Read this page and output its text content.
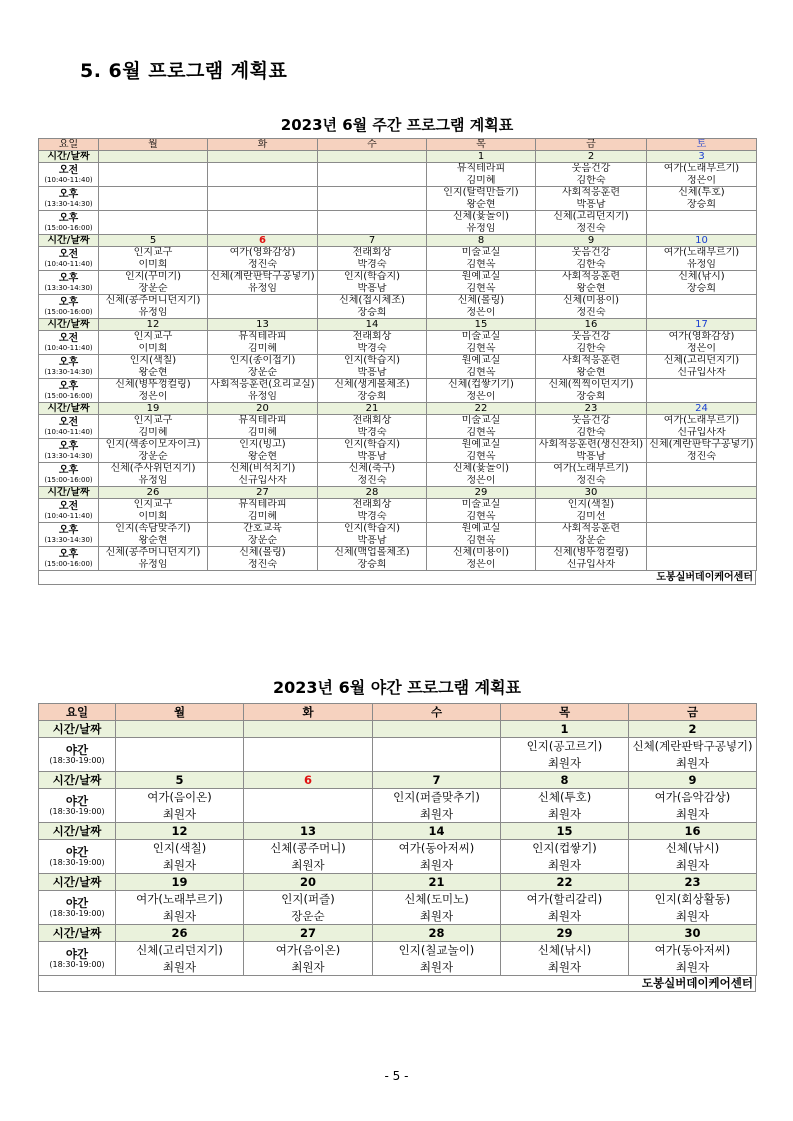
5. 6월 프로그램 계획표
2023년 6월 주간 프로그램 계획표
요일	월	화	수	목	금	토
시간/날짜				1	2	3

오전
(10:40-11:40)				뮤직테라피	웃음건강	여가(노래부르기)
				김미혜	김한숙	정은이

오후
(13:30-14:30)				인지(탈력만들기)	사회적응훈련	신체(투호)
				왕순현	박흥남	장승희

오후
(15:00-16:00)				신체(윷놀이)	신체(고리던지기)	
				유정임	정진숙	
시간/날짜	5	6	7	8	9	10

오전
(10:40-11:40)	인지교구	여가(영화감상)	전래회상	미술교실	웃음건강	여가(노래부르기)
	이미희	정진숙	박경숙	김현옥	김한숙	유정임

오후
(13:30-14:30)	인지(꾸미기)	신체(계란판탁구공넣기)	인지(학습지)	원예교실	사회적응훈련	신체(낚시)
	장운순	유정임	박흥남	김현옥	왕순현	장승희

오후
(15:00-16:00)	신체(콩주머니던지기)		신체(접시체조)	신체(볼링)	신체(미용이)	
	유정임		장승희	정은이	정진숙	
시간/날짜	12	13	14	15	16	17

오전
(10:40-11:40)	인지교구	뮤직테라피	전래회상	미술교실	웃음건강	여가(영화감상)
	이미희	김미혜	박경숙	김현옥	김한숙	정은이

오후
(13:30-14:30)	인지(색칠)	인지(종이접기)	인지(학습지)	원예교실	사회적응훈련	신체(고리던지기)
	왕순현	장운순	박흥남	김현옥	왕순현	신규입사자

오후
(15:00-16:00)	신체(병뚜껑컬링)	사회적응훈련(요리교실)	신체(생게볼체조)	신체(컵쌓기기)	신체(찍찍이던지기)	
	정은이	유정임	장승희	정은이	장승희	
시간/날짜	19	20	21	22	23	24

오전
(10:40-11:40)	인지교구	뮤직테라피	전래회상	미술교실	웃음건강	여가(노래부르기)
	김미혜	김미혜	박경숙	김현옥	김한숙	신규입사자

오후
(13:30-14:30)	인지(색종이모자이크)	인지(빙고)	인지(학습지)	원예교실	사회적응훈련(생신잔치)	신체(계란판탁구공넣기)
	장운순	왕순현	박흥남	김현옥	박흥남	정진숙

오후
(15:00-16:00)	신체(주사위던지기)	신체(비석치기)	신체(축구)	신체(윷놀이)	여가(노래부르기)	
	유정임	신규입사자	정진숙	정은이	정진숙	
시간/날짜	26	27	28	29	30	

오전
(10:40-11:40)	인지교구	뮤직테라피	전래회상	미술교실	인지(색칠)	
	이미희	김미혜	박경숙	김현옥	김미선	

오후
(13:30-14:30)	인지(속담맞추기)	간호교육	인지(학습지)	원예교실	사회적응훈련	
	왕순현	장운순	박흥남	김현옥	장운순	

오후
(15:00-16:00)	신체(콩주머니던지기)	신체(볼링)	신체(맥업볼체조)	신체(미용이)	신체(병뚜껑컬링)	
	유정임	정진숙	장승희	정은이	신규입사자	
도봉실버데이케어센터
2023년 6월 야간 프로그램 계획표
요일	월	화	수	목	금
시간/날짜				1	2

야간
(18:30-19:00)				인지(공고르기)	신체(계란판탁구공넣기)
				최원자	최원자
시간/날짜	5	6	7	8	9

야간
(18:30-19:00)	여가(음이온)		인지(퍼즐맞추기)	신체(투호)	여가(음악감상)
	최원자		최원자	최원자	최원자
시간/날짜	12	13	14	15	16

야간
(18:30-19:00)	인지(색칠)	신체(콩주머니)	여가(동아저씨)	인지(컵쌓기)	신체(낚시)
	최원자	최원자	최원자	최원자	최원자
시간/날짜	19	20	21	22	23

야간
(18:30-19:00)	여가(노래부르기)	인지(퍼즐)	신체(도미노)	여가(할리갈리)	인지(회상활동)
	최원자	장운순	최원자	최원자	최원자
시간/날짜	26	27	28	29	30

야간
(18:30-19:00)	신체(고리던지기)	여가(음이온)	인지(칠교놀이)	신체(낚시)	여가(동아저씨)
	최원자	최원자	최원자	최원자	최원자
도봉실버데이케어센터
- 5 -
